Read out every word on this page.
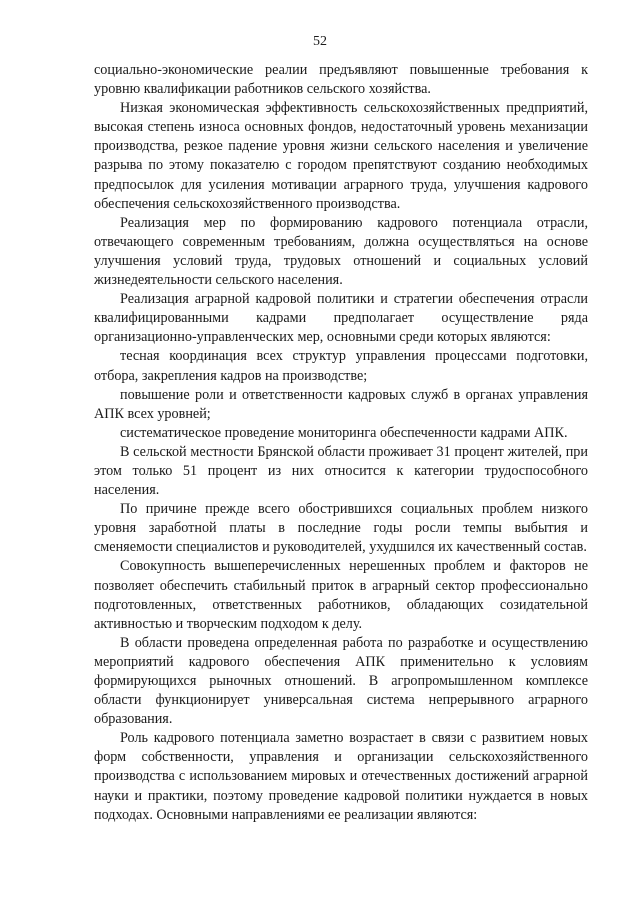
52

социально-экономические реалии предъявляют повышенные требования к уровню квалификации работников сельского хозяйства.

Низкая экономическая эффективность сельскохозяйственных предприятий, высокая степень износа основных фондов, недостаточный уровень механизации производства, резкое падение уровня жизни сельского населения и увеличение разрыва по этому показателю с городом препятствуют созданию необходимых предпосылок для усиления мотивации аграрного труда, улучшения кадрового обеспечения сельскохозяйственного производства.

Реализация мер по формированию кадрового потенциала отрасли, отвечающего современным требованиям, должна осуществляться на основе улучшения условий труда, трудовых отношений и социальных условий жизнедеятельности сельского населения.

Реализация аграрной кадровой политики и стратегии обеспечения отрасли квалифицированными кадрами предполагает осуществление ряда организационно-управленческих мер, основными среди которых являются:

тесная координация всех структур управления процессами подготовки, отбора, закрепления кадров на производстве;

повышение роли и ответственности кадровых служб в органах управления АПК всех уровней;

систематическое проведение мониторинга обеспеченности кадрами АПК.

В сельской местности Брянской области проживает 31 процент жителей, при этом только 51 процент из них относится к категории трудоспособного населения.

По причине прежде всего обострившихся социальных проблем низкого уровня заработной платы в последние годы росли темпы выбытия и сменяемости специалистов и руководителей, ухудшился их качественный состав.

Совокупность вышеперечисленных нерешенных проблем и факторов не позволяет обеспечить стабильный приток в аграрный сектор профессионально подготовленных, ответственных работников, обладающих созидательной активностью и творческим подходом к делу.

В области проведена определенная работа по разработке и осуществлению мероприятий кадрового обеспечения АПК применительно к условиям формирующихся рыночных отношений. В агропромышленном комплексе области функционирует универсальная система непрерывного аграрного образования.

Роль кадрового потенциала заметно возрастает в связи с развитием новых форм собственности, управления и организации сельскохозяйственного производства с использованием мировых и отечественных достижений аграрной науки и практики, поэтому проведение кадровой политики нуждается в новых подходах. Основными направлениями ее реализации являются:
